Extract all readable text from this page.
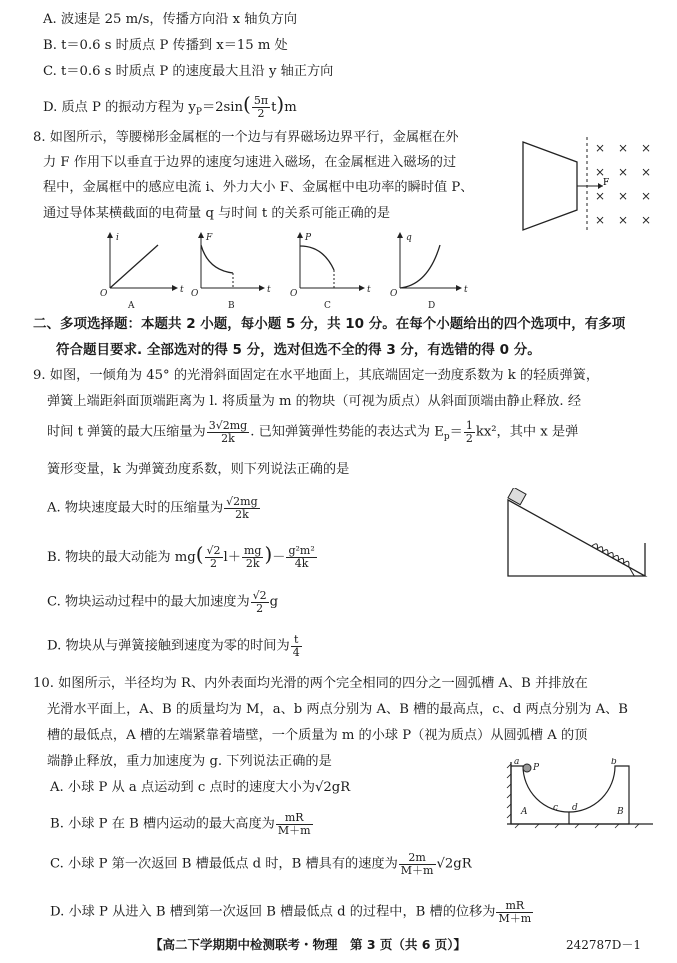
A. 波速是 25 m/s，传播方向沿 x 轴负方向
B. t＝0.6 s 时质点 P 传播到 x＝15 m 处
C. t＝0.6 s 时质点 P 的速度最大且沿 y 轴正方向
D. 质点 P 的振动方程为 $y_P=2\sin( \frac{5\pi}{2} t)m$
8. 如图所示，等腰梯形金属框的一个边与有界磁场边界平行，金属框在外
力 F 作用下以垂直于边界的速度匀速进入磁场，在金属框进入磁场的过
程中，金属框中的感应电流 i、外力大小 F、金属框中电功率的瞬时值 P、
通过导体某横截面的电荷量 q 与时间 t 的关系可能正确的是
F
× × ×
× × ×
× × ×
× × ×
i
O	t
A
F
O	t
B
P
O	t
C
q
O	t
D
二、多项选择题：本题共 2 小题，每小题 5 分，共 10 分。在每个小题给出的四个选项中，有多项
符合题目要求. 全部选对的得 5 分，选对但选不全的得 3 分，有选错的得 0 分。
9. 如图，一倾角为 45° 的光滑斜面固定在水平地面上，其底端固定一劲度系数为 k 的轻质弹簧，
弹簧上端距斜面顶端距离为 l. 将质量为 m 的物块（可视为质点）从斜面顶端由静止释放. 经
时间 t 弹簧的最大压缩量为 $\frac{3√2mg}{2k}$ . 已知弹簧弹性势能的表达式为 $E_p= \frac{1}{2} kx^2$，其中 x 是弹
簧形变量，k 为弹簧劲度系数，则下列说法正确的是
A. 物块速度最大时的压缩量为 $\frac{√2mg}{2k}$
B. 物块的最大动能为 $mg( \frac{√2}{2} l+ \frac{mg}{2k}$ )－ $\frac{\text{g²m²}}{4k}$
C. 物块运动过程中的最大加速度为 $\frac{√2}{2}$ g
D. 物块从与弹簧接触到速度为零的时间为 $\frac{t}{4}$
10. 如图所示，半径均为 R、内外表面均光滑的两个完全相同的四分之一圆弧槽 A、B 并排放在
光滑水平面上，A、B 的质量均为 M，a、b 两点分别为 A、B 槽的最高点，c、d 两点分别为 A、B
槽的最低点，A 槽的左端紧靠着墙壁，一个质量为 m 的小球 P（视为质点）从圆弧槽 A 的顶
端静止释放，重力加速度为 g. 下列说法正确的是
A. 小球 P 从 a 点运动到 c 点时的速度大小为√2gR
B. 小球 P 在 B 槽内运动的最大高度为 $\frac{mR}{M+m}$
C. 小球 P 第一次返回 B 槽最低点 d 时，B 槽具有的速度为 $\frac{2m}{M+m} √2gR$
D. 小球 P 从进入 B 槽到第一次返回 B 槽最低点 d 的过程中，B 槽的位移为 $\frac{mR}{M+m}$
a
P
b
c d
A	B
【高二下学期期中检测联考・物理　第 3 页（共 6 页）】	242787D－1
